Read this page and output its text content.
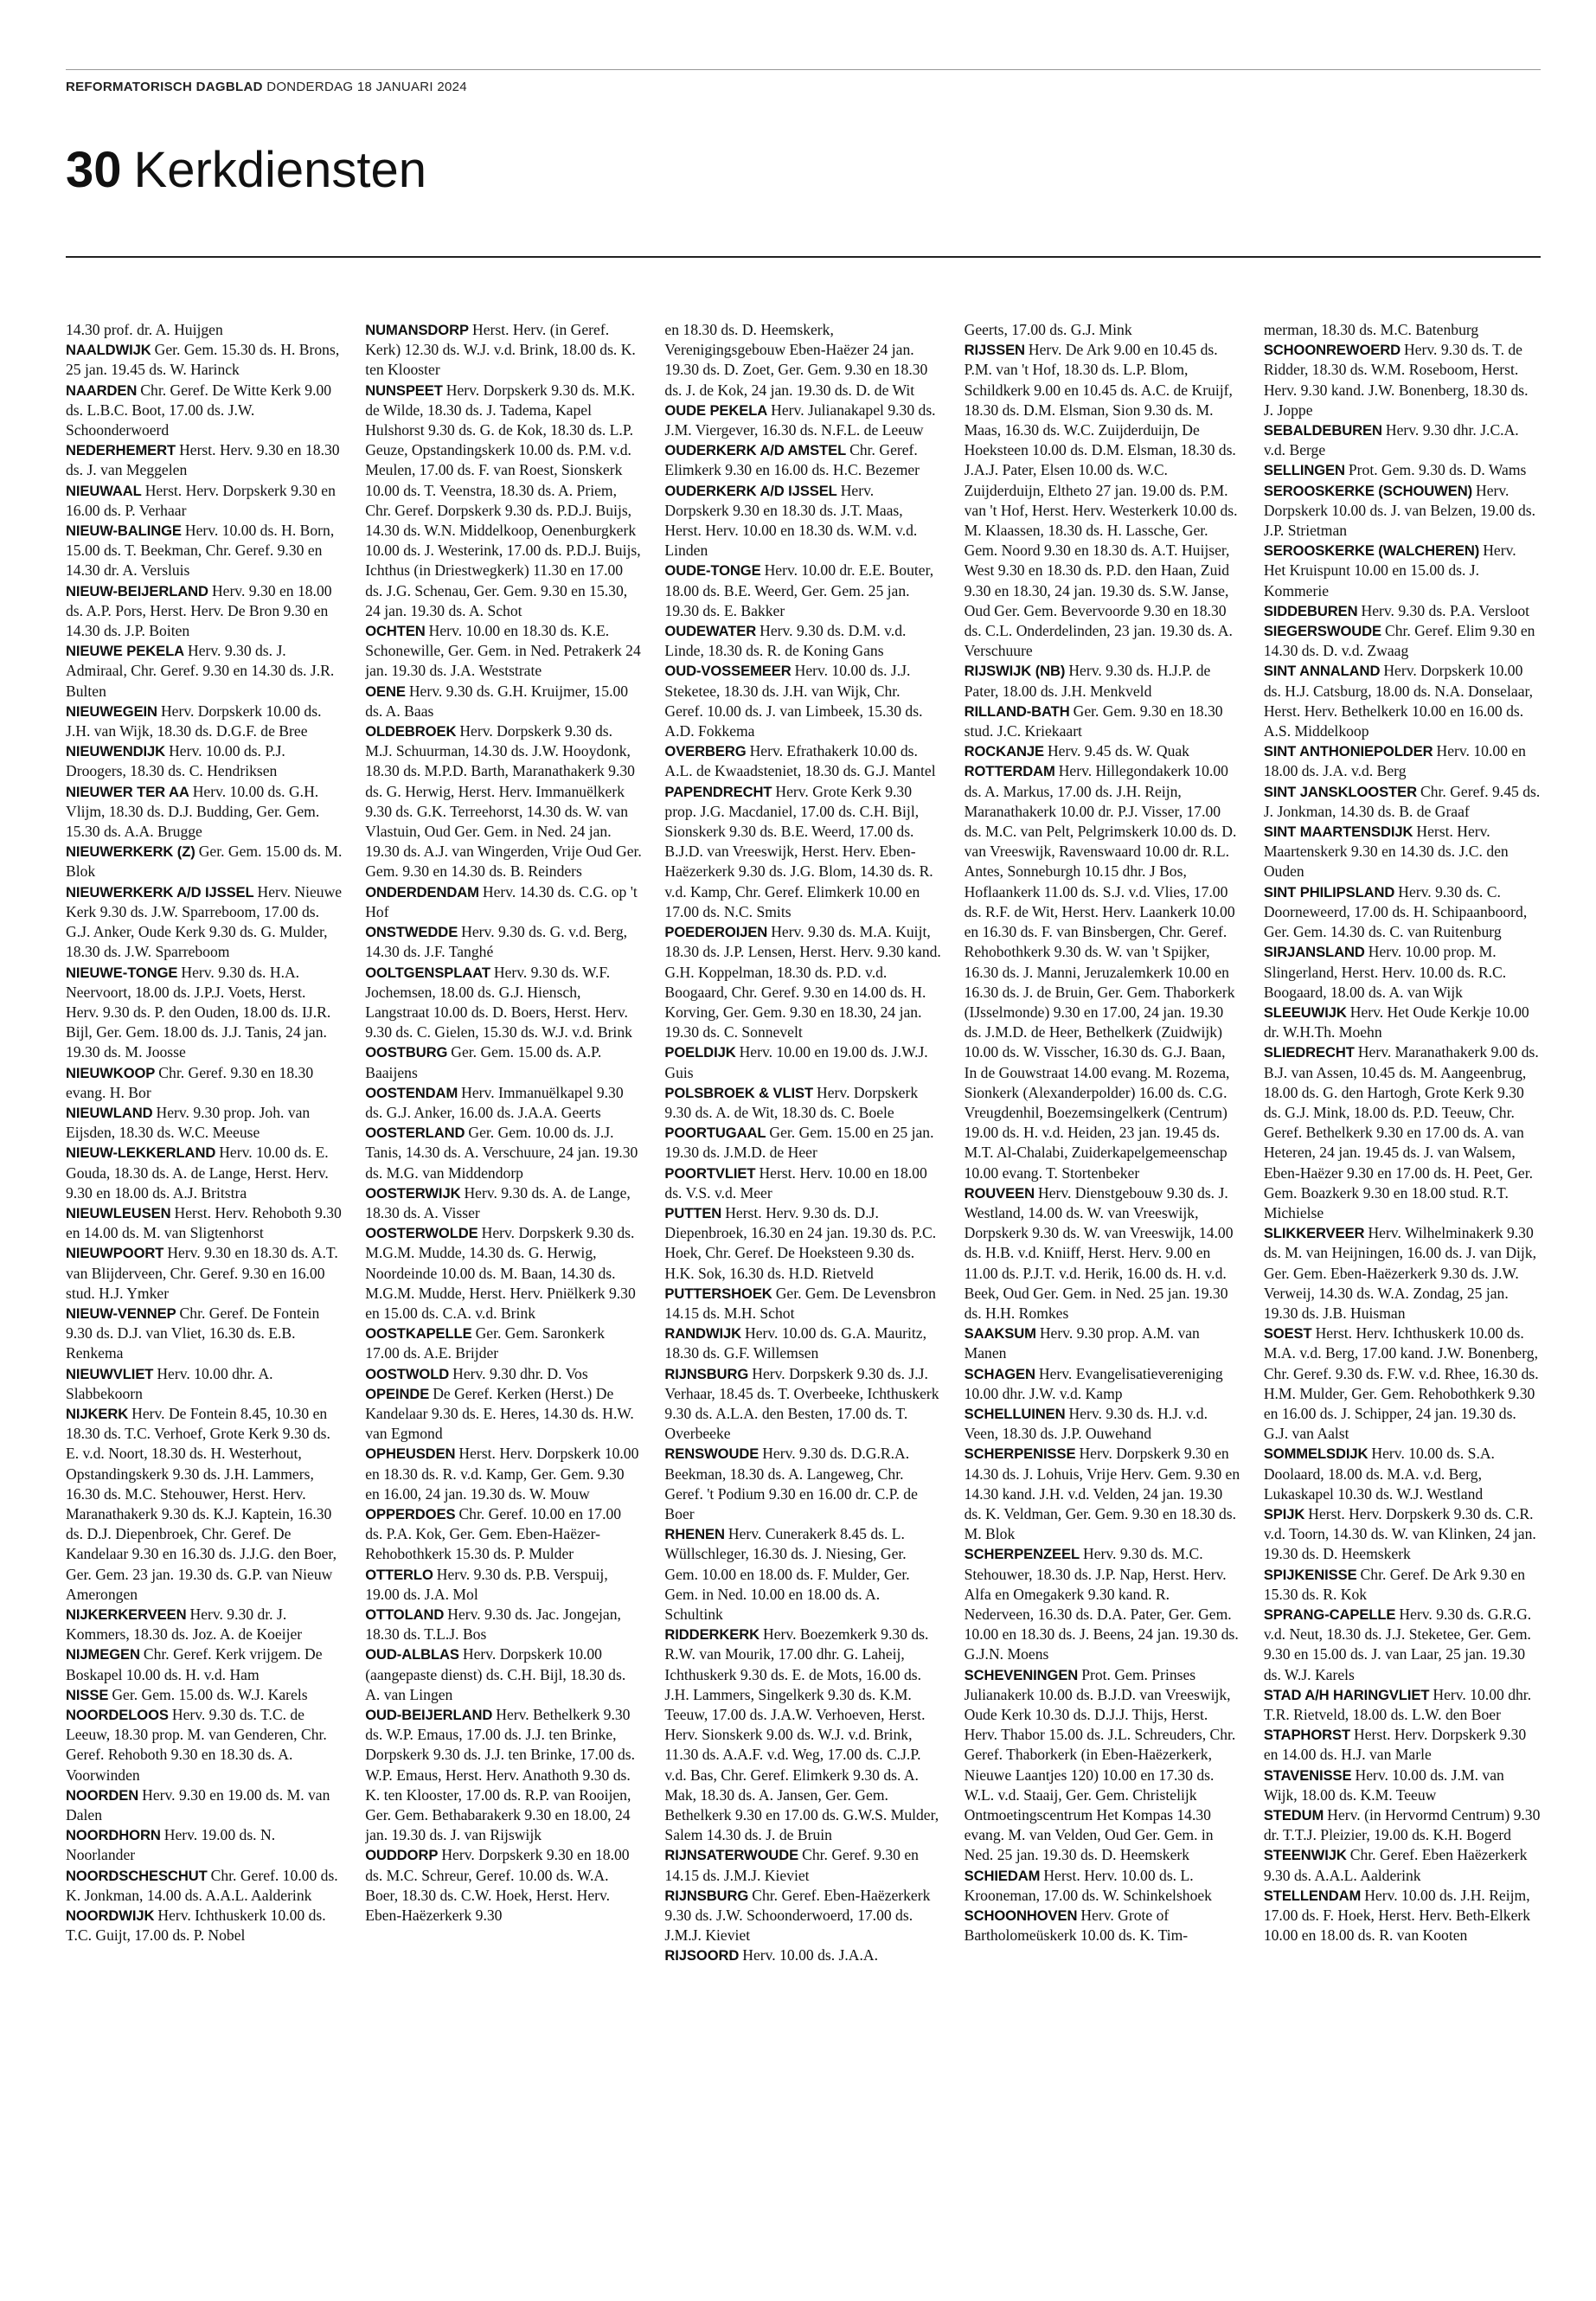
REFORMATORISCH DAGBLAD DONDERDAG 18 JANUARI 2024
30 Kerkdiensten

14.30 prof. dr. A. Huijgen

NAALDWIJK Ger. Gem. 15.30 ds. H. Brons, 25 jan. 19.45 ds. W. Harinck

NAARDEN Chr. Geref. De Witte Kerk 9.00 ds. L.B.C. Boot, 17.00 ds. J.W. Schoonderwoerd

NEDERHEMERT Herst. Herv. 9.30 en 18.30 ds. J. van Meggelen

NIEUWAAL Herst. Herv. Dorpskerk 9.30 en 16.00 ds. P. Verhaar

NIEUW-BALINGE Herv. 10.00 ds. H. Born, 15.00 ds. T. Beekman, Chr. Geref. 9.30 en 14.30 dr. A. Versluis

NIEUW-BEIJERLAND Herv. 9.30 en 18.00 ds. A.P. Pors, Herst. Herv. De Bron 9.30 en 14.30 ds. J.P. Boiten

NIEUWE PEKELA Herv. 9.30 ds. J. Admiraal, Chr. Geref. 9.30 en 14.30 ds. J.R. Bulten

NIEUWEGEIN Herv. Dorpskerk 10.00 ds. J.H. van Wijk, 18.30 ds. D.G.F. de Bree

NIEUWENDIJK Herv. 10.00 ds. P.J. Droogers, 18.30 ds. C. Hendriksen

NIEUWER TER AA Herv. 10.00 ds. G.H. Vlijm, 18.30 ds. D.J. Budding, Ger. Gem. 15.30 ds. A.A. Brugge

NIEUWERKERK (Z) Ger. Gem. 15.00 ds. M. Blok

NIEUWERKERK A/D IJSSEL Herv. Nieuwe Kerk 9.30 ds. J.W. Sparreboom, 17.00 ds. G.J. Anker, Oude Kerk 9.30 ds. G. Mulder, 18.30 ds. J.W. Sparreboom

NIEUWE-TONGE Herv. 9.30 ds. H.A. Neervoort, 18.00 ds. J.P.J. Voets, Herst. Herv. 9.30 ds. P. den Ouden, 18.00 ds. IJ.R. Bijl, Ger. Gem. 18.00 ds. J.J. Tanis, 24 jan. 19.30 ds. M. Joosse

NIEUWKOOP Chr. Geref. 9.30 en 18.30 evang. H. Bor

NIEUWLAND Herv. 9.30 prop. Joh. van Eijsden, 18.30 ds. W.C. Meeuse

NIEUW-LEKKERLAND Herv. 10.00 ds. E. Gouda, 18.30 ds. A. de Lange, Herst. Herv. 9.30 en 18.00 ds. A.J. Britstra

NIEUWLEUSEN Herst. Herv. Rehoboth 9.30 en 14.00 ds. M. van Sligtenhorst

NIEUWPOORT Herv. 9.30 en 18.30 ds. A.T. van Blijderveen, Chr. Geref. 9.30 en 16.00 stud. H.J. Ymker

NIEUW-VENNEP Chr. Geref. De Fontein 9.30 ds. D.J. van Vliet, 16.30 ds. E.B. Renkema

NIEUWVLIET Herv. 10.00 dhr. A. Slabbekoorn

NIJKERK Herv. De Fontein 8.45, 10.30 en 18.30 ds. T.C. Verhoef, Grote Kerk 9.30 ds. E. v.d. Noort, 18.30 ds. H. Westerhout, Opstandingskerk 9.30 ds. J.H. Lammers, 16.30 ds. M.C. Stehouwer, Herst. Herv. Maranathakerk 9.30 ds. K.J. Kaptein, 16.30 ds. D.J. Diepenbroek, Chr. Geref. De Kandelaar 9.30 en 16.30 ds. J.J.G. den Boer, Ger. Gem. 23 jan. 19.30 ds. G.P. van Nieuw Amerongen

NIJKERKERVEEN Herv. 9.30 dr. J. Kommers, 18.30 ds. Joz. A. de Koeijer

NIJMEGEN Chr. Geref. Kerk vrijgem. De Boskapel 10.00 ds. H. v.d. Ham

NISSE Ger. Gem. 15.00 ds. W.J. Karels

NOORDELOOS Herv. 9.30 ds. T.C. de Leeuw, 18.30 prop. M. van Genderen, Chr. Geref. Rehoboth 9.30 en 18.30 ds. A. Voorwinden

NOORDEN Herv. 9.30 en 19.00 ds. M. van Dalen

NOORDHORN Herv. 19.00 ds. N. Noorlander

NOORDSCHESCHUT Chr. Geref. 10.00 ds. K. Jonkman, 14.00 ds. A.A.L. Aalderink

NOORDWIJK Herv. Ichthuskerk 10.00 ds. T.C. Guijt, 17.00 ds. P. Nobel

NUMANSDORP Herst. Herv. (in Geref. Kerk) 12.30 ds. W.J. v.d. Brink, 18.00 ds. K. ten Klooster

NUNSPEET Herv. Dorpskerk 9.30 ds. M.K. de Wilde, 18.30 ds. J. Tadema, Kapel Hulshorst 9.30 ds. G. de Kok, 18.30 ds. L.P. Geuze, Opstandingskerk 10.00 ds. P.M. v.d. Meulen, 17.00 ds. F. van Roest, Sionskerk 10.00 ds. T. Veenstra, 18.30 ds. A. Priem, Chr. Geref. Dorpskerk 9.30 ds. P.D.J. Buijs, 14.30 ds. W.N. Middelkoop, Oenenburgkerk 10.00 ds. J. Westerink, 17.00 ds. P.D.J. Buijs, Ichthus (in Driestwegkerk) 11.30 en 17.00 ds. J.G. Schenau, Ger. Gem. 9.30 en 15.30, 24 jan. 19.30 ds. A. Schot

OCHTEN Herv. 10.00 en 18.30 ds. K.E. Schonewille, Ger. Gem. in Ned. Petrakerk 24 jan. 19.30 ds. J.A. Weststrate

OENE Herv. 9.30 ds. G.H. Kruijmer, 15.00 ds. A. Baas

OLDEBROEK Herv. Dorpskerk 9.30 ds. M.J. Schuurman, 14.30 ds. J.W. Hooydonk, 18.30 ds. M.P.D. Barth, Maranathakerk 9.30 ds. G. Herwig, Herst. Herv. Immanuëlkerk 9.30 ds. G.K. Terreehorst, 14.30 ds. W. van Vlastuin, Oud Ger. Gem. in Ned. 24 jan. 19.30 ds. A.J. van Wingerden, Vrije Oud Ger. Gem. 9.30 en 14.30 ds. B. Reinders

ONDERDENDAM Herv. 14.30 ds. C.G. op 't Hof

ONSTWEDDE Herv. 9.30 ds. G. v.d. Berg, 14.30 ds. J.F. Tanghé

OOLTGENSPLAAT Herv. 9.30 ds. W.F. Jochemsen, 18.00 ds. G.J. Hiensch, Langstraat 10.00 ds. D. Boers, Herst. Herv. 9.30 ds. C. Gielen, 15.30 ds. W.J. v.d. Brink

OOSTBURG Ger. Gem. 15.00 ds. A.P. Baaijens

OOSTENDAM Herv. Immanuëlkapel 9.30 ds. G.J. Anker, 16.00 ds. J.A.A. Geerts

OOSTERLAND Ger. Gem. 10.00 ds. J.J. Tanis, 14.30 ds. A. Verschuure, 24 jan. 19.30 ds. M.G. van Middendorp

OOSTERWIJK Herv. 9.30 ds. A. de Lange, 18.30 ds. A. Visser

OOSTERWOLDE Herv. Dorpskerk 9.30 ds. M.G.M. Mudde, 14.30 ds. G. Herwig, Noordeinde 10.00 ds. M. Baan, 14.30 ds. M.G.M. Mudde, Herst. Herv. Pniëlkerk 9.30 en 15.00 ds. C.A. v.d. Brink

OOSTKAPELLE Ger. Gem. Saronkerk 17.00 ds. A.E. Brijder

OOSTWOLD Herv. 9.30 dhr. D. Vos

OPEINDE De Geref. Kerken (Herst.) De Kandelaar 9.30 ds. E. Heres, 14.30 ds. H.W. van Egmond

OPHEUSDEN Herst. Herv. Dorpskerk 10.00 en 18.30 ds. R. v.d. Kamp, Ger. Gem. 9.30 en 16.00, 24 jan. 19.30 ds. W. Mouw

OPPERDOES Chr. Geref. 10.00 en 17.00 ds. P.A. Kok, Ger. Gem. Eben-Haëzer-Rehobothkerk 15.30 ds. P. Mulder

OTTERLO Herv. 9.30 ds. P.B. Verspuij, 19.00 ds. J.A. Mol

OTTOLAND Herv. 9.30 ds. Jac. Jongejan, 18.30 ds. T.L.J. Bos

OUD-ALBLAS Herv. Dorpskerk 10.00 (aangepaste dienst) ds. C.H. Bijl, 18.30 ds. A. van Lingen

OUD-BEIJERLAND Herv. Bethelkerk 9.30 ds. W.P. Emaus, 17.00 ds. J.J. ten Brinke, Dorpskerk 9.30 ds. J.J. ten Brinke, 17.00 ds. W.P. Emaus, Herst. Herv. Anathoth 9.30 ds. K. ten Klooster, 17.00 ds. R.P. van Rooijen, Ger. Gem. Bethabarakerk 9.30 en 18.00, 24 jan. 19.30 ds. J. van Rijswijk

OUDDORP Herv. Dorpskerk 9.30 en 18.00 ds. M.C. Schreur, Geref. 10.00 ds. W.A. Boer, 18.30 ds. C.W. Hoek, Herst. Herv. Eben-Haëzerkerk 9.30

en 18.30 ds. D. Heemskerk, Verenigingsgebouw Eben-Haëzer 24 jan. 19.30 ds. D. Zoet, Ger. Gem. 9.30 en 18.30 ds. J. de Kok, 24 jan. 19.30 ds. D. de Wit

OUDE PEKELA Herv. Julianakapel 9.30 ds. J.M. Viergever, 16.30 ds. N.F.L. de Leeuw

OUDERKERK A/D AMSTEL Chr. Geref. Elimkerk 9.30 en 16.00 ds. H.C. Bezemer

OUDERKERK A/D IJSSEL Herv. Dorpskerk 9.30 en 18.30 ds. J.T. Maas, Herst. Herv. 10.00 en 18.30 ds. W.M. v.d. Linden

OUDE-TONGE Herv. 10.00 dr. E.E. Bouter, 18.00 ds. B.E. Weerd, Ger. Gem. 25 jan. 19.30 ds. E. Bakker

OUDEWATER Herv. 9.30 ds. D.M. v.d. Linde, 18.30 ds. R. de Koning Gans

OUD-VOSSEMEER Herv. 10.00 ds. J.J. Steketee, 18.30 ds. J.H. van Wijk, Chr. Geref. 10.00 ds. J. van Limbeek, 15.30 ds. A.D. Fokkema

OVERBERG Herv. Efrathakerk 10.00 ds. A.L. de Kwaadsteniet, 18.30 ds. G.J. Mantel

PAPENDRECHT Herv. Grote Kerk 9.30 prop. J.G. Macdaniel, 17.00 ds. C.H. Bijl, Sionskerk 9.30 ds. B.E. Weerd, 17.00 ds. B.J.D. van Vreeswijk, Herst. Herv. Eben-Haëzerkerk 9.30 ds. J.G. Blom, 14.30 ds. R. v.d. Kamp, Chr. Geref. Elimkerk 10.00 en 17.00 ds. N.C. Smits

POEDEROIJEN Herv. 9.30 ds. M.A. Kuijt, 18.30 ds. J.P. Lensen, Herst. Herv. 9.30 kand. G.H. Koppelman, 18.30 ds. P.D. v.d. Boogaard, Chr. Geref. 9.30 en 14.00 ds. H. Korving, Ger. Gem. 9.30 en 18.30, 24 jan. 19.30 ds. C. Sonnevelt

POELDIJK Herv. 10.00 en 19.00 ds. J.W.J. Guis

POLSBROEK & VLIST Herv. Dorpskerk 9.30 ds. A. de Wit, 18.30 ds. C. Boele

POORTUGAAL Ger. Gem. 15.00 en 25 jan. 19.30 ds. J.M.D. de Heer

POORTVLIET Herst. Herv. 10.00 en 18.00 ds. V.S. v.d. Meer

PUTTEN Herst. Herv. 9.30 ds. D.J. Diepenbroek, 16.30 en 24 jan. 19.30 ds. P.C. Hoek, Chr. Geref. De Hoeksteen 9.30 ds. H.K. Sok, 16.30 ds. H.D. Rietveld

PUTTERSHOEK Ger. Gem. De Levensbron 14.15 ds. M.H. Schot

RANDWIJK Herv. 10.00 ds. G.A. Mauritz, 18.30 ds. G.F. Willemsen

RIJNSBURG Herv. Dorpskerk 9.30 ds. J.J. Verhaar, 18.45 ds. T. Overbeeke, Ichthuskerk 9.30 ds. A.L.A. den Besten, 17.00 ds. T. Overbeeke

RENSWOUDE Herv. 9.30 ds. D.G.R.A. Beekman, 18.30 ds. A. Langeweg, Chr. Geref. 't Podium 9.30 en 16.00 dr. C.P. de Boer

RHENEN Herv. Cunerakerk 8.45 ds. L. Wüllschleger, 16.30 ds. J. Niesing, Ger. Gem. 10.00 en 18.00 ds. F. Mulder, Ger. Gem. in Ned. 10.00 en 18.00 ds. A. Schultink

RIDDERKERK Herv. Boezemkerk 9.30 ds. R.W. van Mourik, 17.00 dhr. G. Laheij, Ichthuskerk 9.30 ds. E. de Mots, 16.00 ds. J.H. Lammers, Singelkerk 9.30 ds. K.M. Teeuw, 17.00 ds. J.A.W. Verhoeven, Herst. Herv. Sionskerk 9.00 ds. W.J. v.d. Brink, 11.30 ds. A.A.F. v.d. Weg, 17.00 ds. C.J.P. v.d. Bas, Chr. Geref. Elimkerk 9.30 ds. A. Mak, 18.30 ds. A. Jansen, Ger. Gem. Bethelkerk 9.30 en 17.00 ds. G.W.S. Mulder, Salem 14.30 ds. J. de Bruin

RIJNSATERWOUDE Chr. Geref. 9.30 en 14.15 ds. J.M.J. Kieviet

RIJNSBURG Chr. Geref. Eben-Haëzerkerk 9.30 ds. J.W. Schoonderwoerd, 17.00 ds. J.M.J. Kieviet

RIJSOORD Herv. 10.00 ds. J.A.A.

Geerts, 17.00 ds. G.J. Mink

RIJSSEN Herv. De Ark 9.00 en 10.45 ds. P.M. van 't Hof, 18.30 ds. L.P. Blom, Schildkerk 9.00 en 10.45 ds. A.C. de Kruijf, 18.30 ds. D.M. Elsman, Sion 9.30 ds. M. Maas, 16.30 ds. W.C. Zuijderduijn, De Hoeksteen 10.00 ds. D.M. Elsman, 18.30 ds. J.A.J. Pater, Elsen 10.00 ds. W.C. Zuijderduijn, Eltheto 27 jan. 19.00 ds. P.M. van 't Hof, Herst. Herv. Westerkerk 10.00 ds. M. Klaassen, 18.30 ds. H. Lassche, Ger. Gem. Noord 9.30 en 18.30 ds. A.T. Huijser, West 9.30 en 18.30 ds. P.D. den Haan, Zuid 9.30 en 18.30, 24 jan. 19.30 ds. S.W. Janse, Oud Ger. Gem. Bevervoorde 9.30 en 18.30 ds. C.L. Onderdelinden, 23 jan. 19.30 ds. A. Verschuure

RIJSWIJK (NB) Herv. 9.30 ds. H.J.P. de Pater, 18.00 ds. J.H. Menkveld

RILLAND-BATH Ger. Gem. 9.30 en 18.30 stud. J.C. Kriekaart

ROCKANJE Herv. 9.45 ds. W. Quak

ROTTERDAM Herv. Hillegondakerk 10.00 ds. A. Markus, 17.00 ds. J.H. Reijn, Maranathakerk 10.00 dr. P.J. Visser, 17.00 ds. M.C. van Pelt, Pelgrimskerk 10.00 ds. D. van Vreeswijk, Ravenswaard 10.00 dr. R.L. Antes, Sonneburgh 10.15 dhr. J Bos, Hoflaankerk 11.00 ds. S.J. v.d. Vlies, 17.00 ds. R.F. de Wit, Herst. Herv. Laankerk 10.00 en 16.30 ds. F. van Binsbergen, Chr. Geref. Rehobothkerk 9.30 ds. W. van 't Spijker, 16.30 ds. J. Manni, Jeruzalemkerk 10.00 en 16.30 ds. J. de Bruin, Ger. Gem. Thaborkerk (IJsselmonde) 9.30 en 17.00, 24 jan. 19.30 ds. J.M.D. de Heer, Bethelkerk (Zuidwijk) 10.00 ds. W. Visscher, 16.30 ds. G.J. Baan, In de Gouwstraat 14.00 evang. M. Rozema, Sionkerk (Alexanderpolder) 16.00 ds. C.G. Vreugdenhil, Boezemsingelkerk (Centrum) 19.00 ds. H. v.d. Heiden, 23 jan. 19.45 ds. M.T. Al-Chalabi, Zuiderkapelgemeenschap 10.00 evang. T. Stortenbeker

ROUVEEN Herv. Dienstgebouw 9.30 ds. J. Westland, 14.00 ds. W. van Vreeswijk, Dorpskerk 9.30 ds. W. van Vreeswijk, 14.00 ds. H.B. v.d. Kniiff, Herst. Herv. 9.00 en 11.00 ds. P.J.T. v.d. Herik, 16.00 ds. H. v.d. Beek, Oud Ger. Gem. in Ned. 25 jan. 19.30 ds. H.H. Romkes

SAAKSUM Herv. 9.30 prop. A.M. van Manen

SCHAGEN Herv. Evangelisatievereniging 10.00 dhr. J.W. v.d. Kamp

SCHELLUINEN Herv. 9.30 ds. H.J. v.d. Veen, 18.30 ds. J.P. Ouwehand

SCHERPENISSE Herv. Dorpskerk 9.30 en 14.30 ds. J. Lohuis, Vrije Herv. Gem. 9.30 en 14.30 kand. J.H. v.d. Velden, 24 jan. 19.30 ds. K. Veldman, Ger. Gem. 9.30 en 18.30 ds. M. Blok

SCHERPENZEEL Herv. 9.30 ds. M.C. Stehouwer, 18.30 ds. J.P. Nap, Herst. Herv. Alfa en Omegakerk 9.30 kand. R. Nederveen, 16.30 ds. D.A. Pater, Ger. Gem. 10.00 en 18.30 ds. J. Beens, 24 jan. 19.30 ds. G.J.N. Moens

SCHEVENINGEN Prot. Gem. Prinses Julianakerk 10.00 ds. B.J.D. van Vreeswijk, Oude Kerk 10.30 ds. D.J.J. Thijs, Herst. Herv. Thabor 15.00 ds. J.L. Schreuders, Chr. Geref. Thaborkerk (in Eben-Haëzerkerk, Nieuwe Laantjes 120) 10.00 en 17.30 ds. W.L. v.d. Staaij, Ger. Gem. Christelijk Ontmoetingscentrum Het Kompas 14.30 evang. M. van Velden, Oud Ger. Gem. in Ned. 25 jan. 19.30 ds. D. Heemskerk

SCHIEDAM Herst. Herv. 10.00 ds. L. Krooneman, 17.00 ds. W. Schinkelshoek

SCHOONHOVEN Herv. Grote of Bartholomeüskerk 10.00 ds. K. Tim-

merman, 18.30 ds. M.C. Batenburg

SCHOONREWOERD Herv. 9.30 ds. T. de Ridder, 18.30 ds. W.M. Roseboom, Herst. Herv. 9.30 kand. J.W. Bonenberg, 18.30 ds. J. Joppe

SEBALDEBUREN Herv. 9.30 dhr. J.C.A. v.d. Berge

SELLINGEN Prot. Gem. 9.30 ds. D. Wams

SEROOSKERKE (SCHOUWEN) Herv. Dorpskerk 10.00 ds. J. van Belzen, 19.00 ds. J.P. Strietman

SEROOSKERKE (WALCHEREN) Herv. Het Kruispunt 10.00 en 15.00 ds. J. Kommerie

SIDDEBUREN Herv. 9.30 ds. P.A. Versloot

SIEGERSWOUDE Chr. Geref. Elim 9.30 en 14.30 ds. D. v.d. Zwaag

SINT ANNALAND Herv. Dorpskerk 10.00 ds. H.J. Catsburg, 18.00 ds. N.A. Donselaar, Herst. Herv. Bethelkerk 10.00 en 16.00 ds. A.S. Middelkoop

SINT ANTHONIEPOLDER Herv. 10.00 en 18.00 ds. J.A. v.d. Berg

SINT JANSKLOOSTER Chr. Geref. 9.45 ds. J. Jonkman, 14.30 ds. B. de Graaf

SINT MAARTENSDIJK Herst. Herv. Maartenskerk 9.30 en 14.30 ds. J.C. den Ouden

SINT PHILIPSLAND Herv. 9.30 ds. C. Doorneweerd, 17.00 ds. H. Schipaanboord, Ger. Gem. 14.30 ds. C. van Ruitenburg

SIRJANSLAND Herv. 10.00 prop. M. Slingerland, Herst. Herv. 10.00 ds. R.C. Boogaard, 18.00 ds. A. van Wijk

SLEEUWIJK Herv. Het Oude Kerkje 10.00 dr. W.H.Th. Moehn

SLIEDRECHT Herv. Maranathakerk 9.00 ds. B.J. van Assen, 10.45 ds. M. Aangeenbrug, 18.00 ds. G. den Hartogh, Grote Kerk 9.30 ds. G.J. Mink, 18.00 ds. P.D. Teeuw, Chr. Geref. Bethelkerk 9.30 en 17.00 ds. A. van Heteren, 24 jan. 19.45 ds. J. van Walsem, Eben-Haëzer 9.30 en 17.00 ds. H. Peet, Ger. Gem. Boazkerk 9.30 en 18.00 stud. R.T. Michielse

SLIKKERVEER Herv. Wilhelminakerk 9.30 ds. M. van Heijningen, 16.00 ds. J. van Dijk, Ger. Gem. Eben-Haëzerkerk 9.30 ds. J.W. Verweij, 14.30 ds. W.A. Zondag, 25 jan. 19.30 ds. J.B. Huisman

SOEST Herst. Herv. Ichthuskerk 10.00 ds. M.A. v.d. Berg, 17.00 kand. J.W. Bonenberg, Chr. Geref. 9.30 ds. F.W. v.d. Rhee, 16.30 ds. H.M. Mulder, Ger. Gem. Rehobothkerk 9.30 en 16.00 ds. J. Schipper, 24 jan. 19.30 ds. G.J. van Aalst

SOMMELSDIJK Herv. 10.00 ds. S.A. Doolaard, 18.00 ds. M.A. v.d. Berg, Lukaskapel 10.30 ds. W.J. Westland

SPIJK Herst. Herv. Dorpskerk 9.30 ds. C.R. v.d. Toorn, 14.30 ds. W. van Klinken, 24 jan. 19.30 ds. D. Heemskerk

SPIJKENISSE Chr. Geref. De Ark 9.30 en 15.30 ds. R. Kok

SPRANG-CAPELLE Herv. 9.30 ds. G.R.G. v.d. Neut, 18.30 ds. J.J. Steketee, Ger. Gem. 9.30 en 15.00 ds. J. van Laar, 25 jan. 19.30 ds. W.J. Karels

STAD A/H HARINGVLIET Herv. 10.00 dhr. T.R. Rietveld, 18.00 ds. L.W. den Boer

STAPHORST Herst. Herv. Dorpskerk 9.30 en 14.00 ds. H.J. van Marle

STAVENISSE Herv. 10.00 ds. J.M. van Wijk, 18.00 ds. K.M. Teeuw

STEDUM Herv. (in Hervormd Centrum) 9.30 dr. T.T.J. Pleizier, 19.00 ds. K.H. Bogerd

STEENWIJK Chr. Geref. Eben Haëzerkerk 9.30 ds. A.A.L. Aalderink

STELLENDAM Herv. 10.00 ds. J.H. Reijm, 17.00 ds. F. Hoek, Herst. Herv. Beth-Elkerk 10.00 en 18.00 ds. R. van Kooten
